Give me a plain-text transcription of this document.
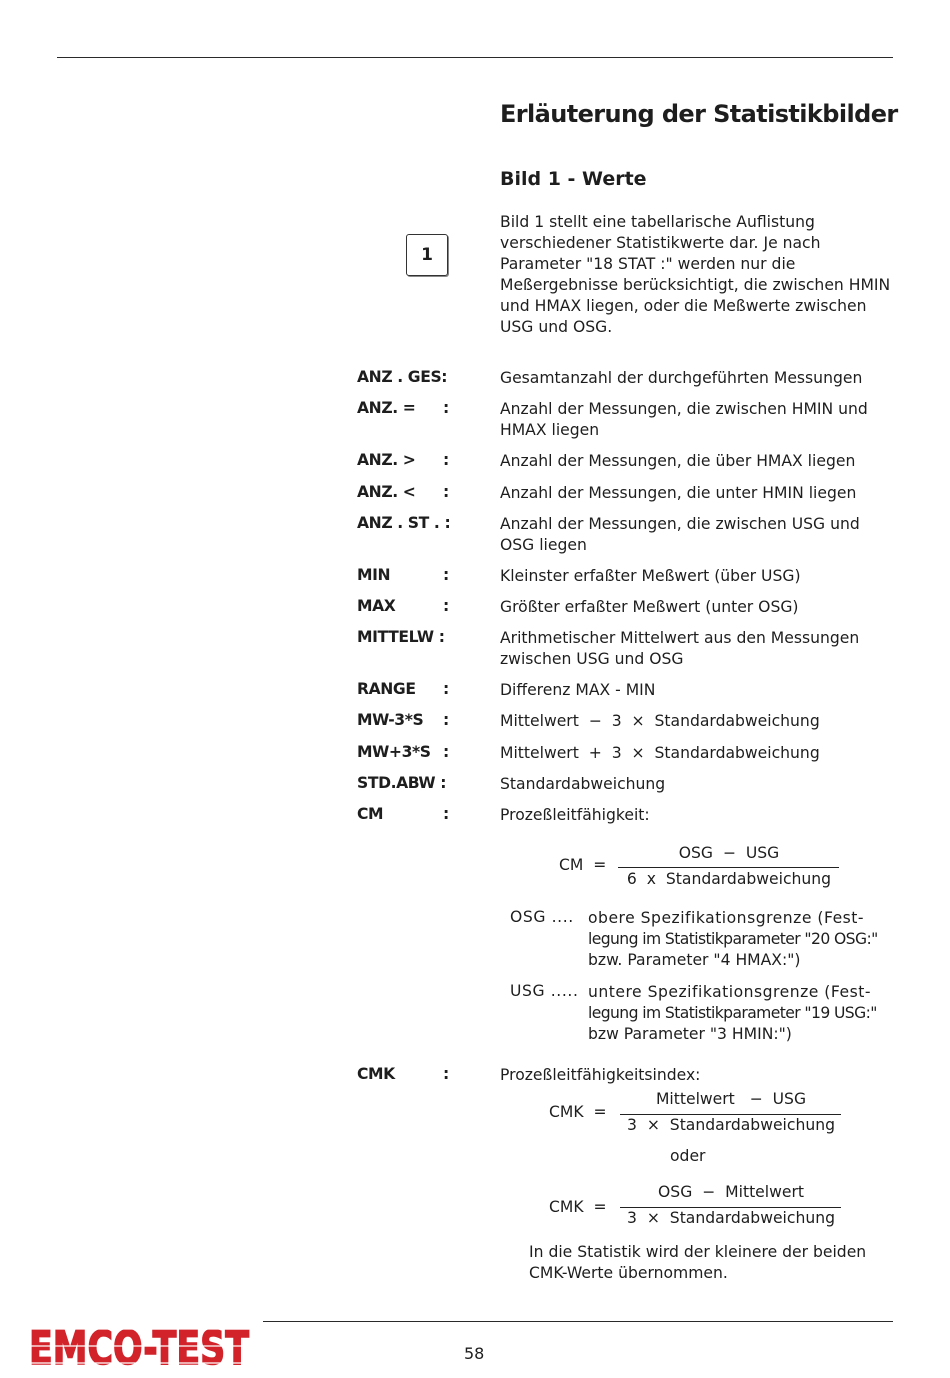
Erläuterung der Statistikbilder
Bild 1 - Werte
1
Bild 1 stellt eine tabellarische Auflistung verschiedener Statistikwerte dar. Je nach Parameter "18 STAT :" werden nur die Meßergebnisse berücksichtigt, die zwischen HMIN und HMAX liegen, oder die Meßwerte zwischen USG und OSG.
ANZ . GES:	Gesamtanzahl der durchgeführten Messungen
ANZ. = :	Anzahl der Messungen, die zwischen HMIN und HMAX liegen
ANZ. > :	Anzahl der Messungen, die über HMAX liegen
ANZ. < :	Anzahl der Messungen, die unter HMIN liegen
ANZ . ST . :	Anzahl der Messungen, die zwischen USG und OSG liegen
MIN	:	Kleinster erfaßter Meßwert (über USG)
MAX	:	Größter erfaßter Meßwert (unter OSG)
MITTELW :	Arithmetischer Mittelwert aus den Messungen zwischen USG und OSG
RANGE :	Differenz MAX - MIN
MW-3*S :	Mittelwert  −  3  ×  Standardabweichung
MW+3*S :	Mittelwert  +  3  ×  Standardabweichung
STD.ABW :	Standardabweichung
CM	:	Prozeßleitfähigkeit:
CM  =
OSG  −  USG
6  x  Standardabweichung
OSG .... obere Spezifikationsgrenze (Fest-
legung im Statistikparameter "20 OSG:"
bzw. Parameter "4 HMAX:")
USG ..... untere Spezifikationsgrenze (Fest-
legung im Statistikparameter "19 USG:"
bzw Parameter "3 HMIN:")
CMK	:	Prozeßleitfähigkeitsindex:
CMK  =
Mittelwert   −  USG
3  ×  Standardabweichung
oder
CMK  =
OSG  −  Mittelwert
3  ×  Standardabweichung
In die Statistik wird der kleinere der beiden CMK-Werte übernommen.
EMCO-TEST	58
